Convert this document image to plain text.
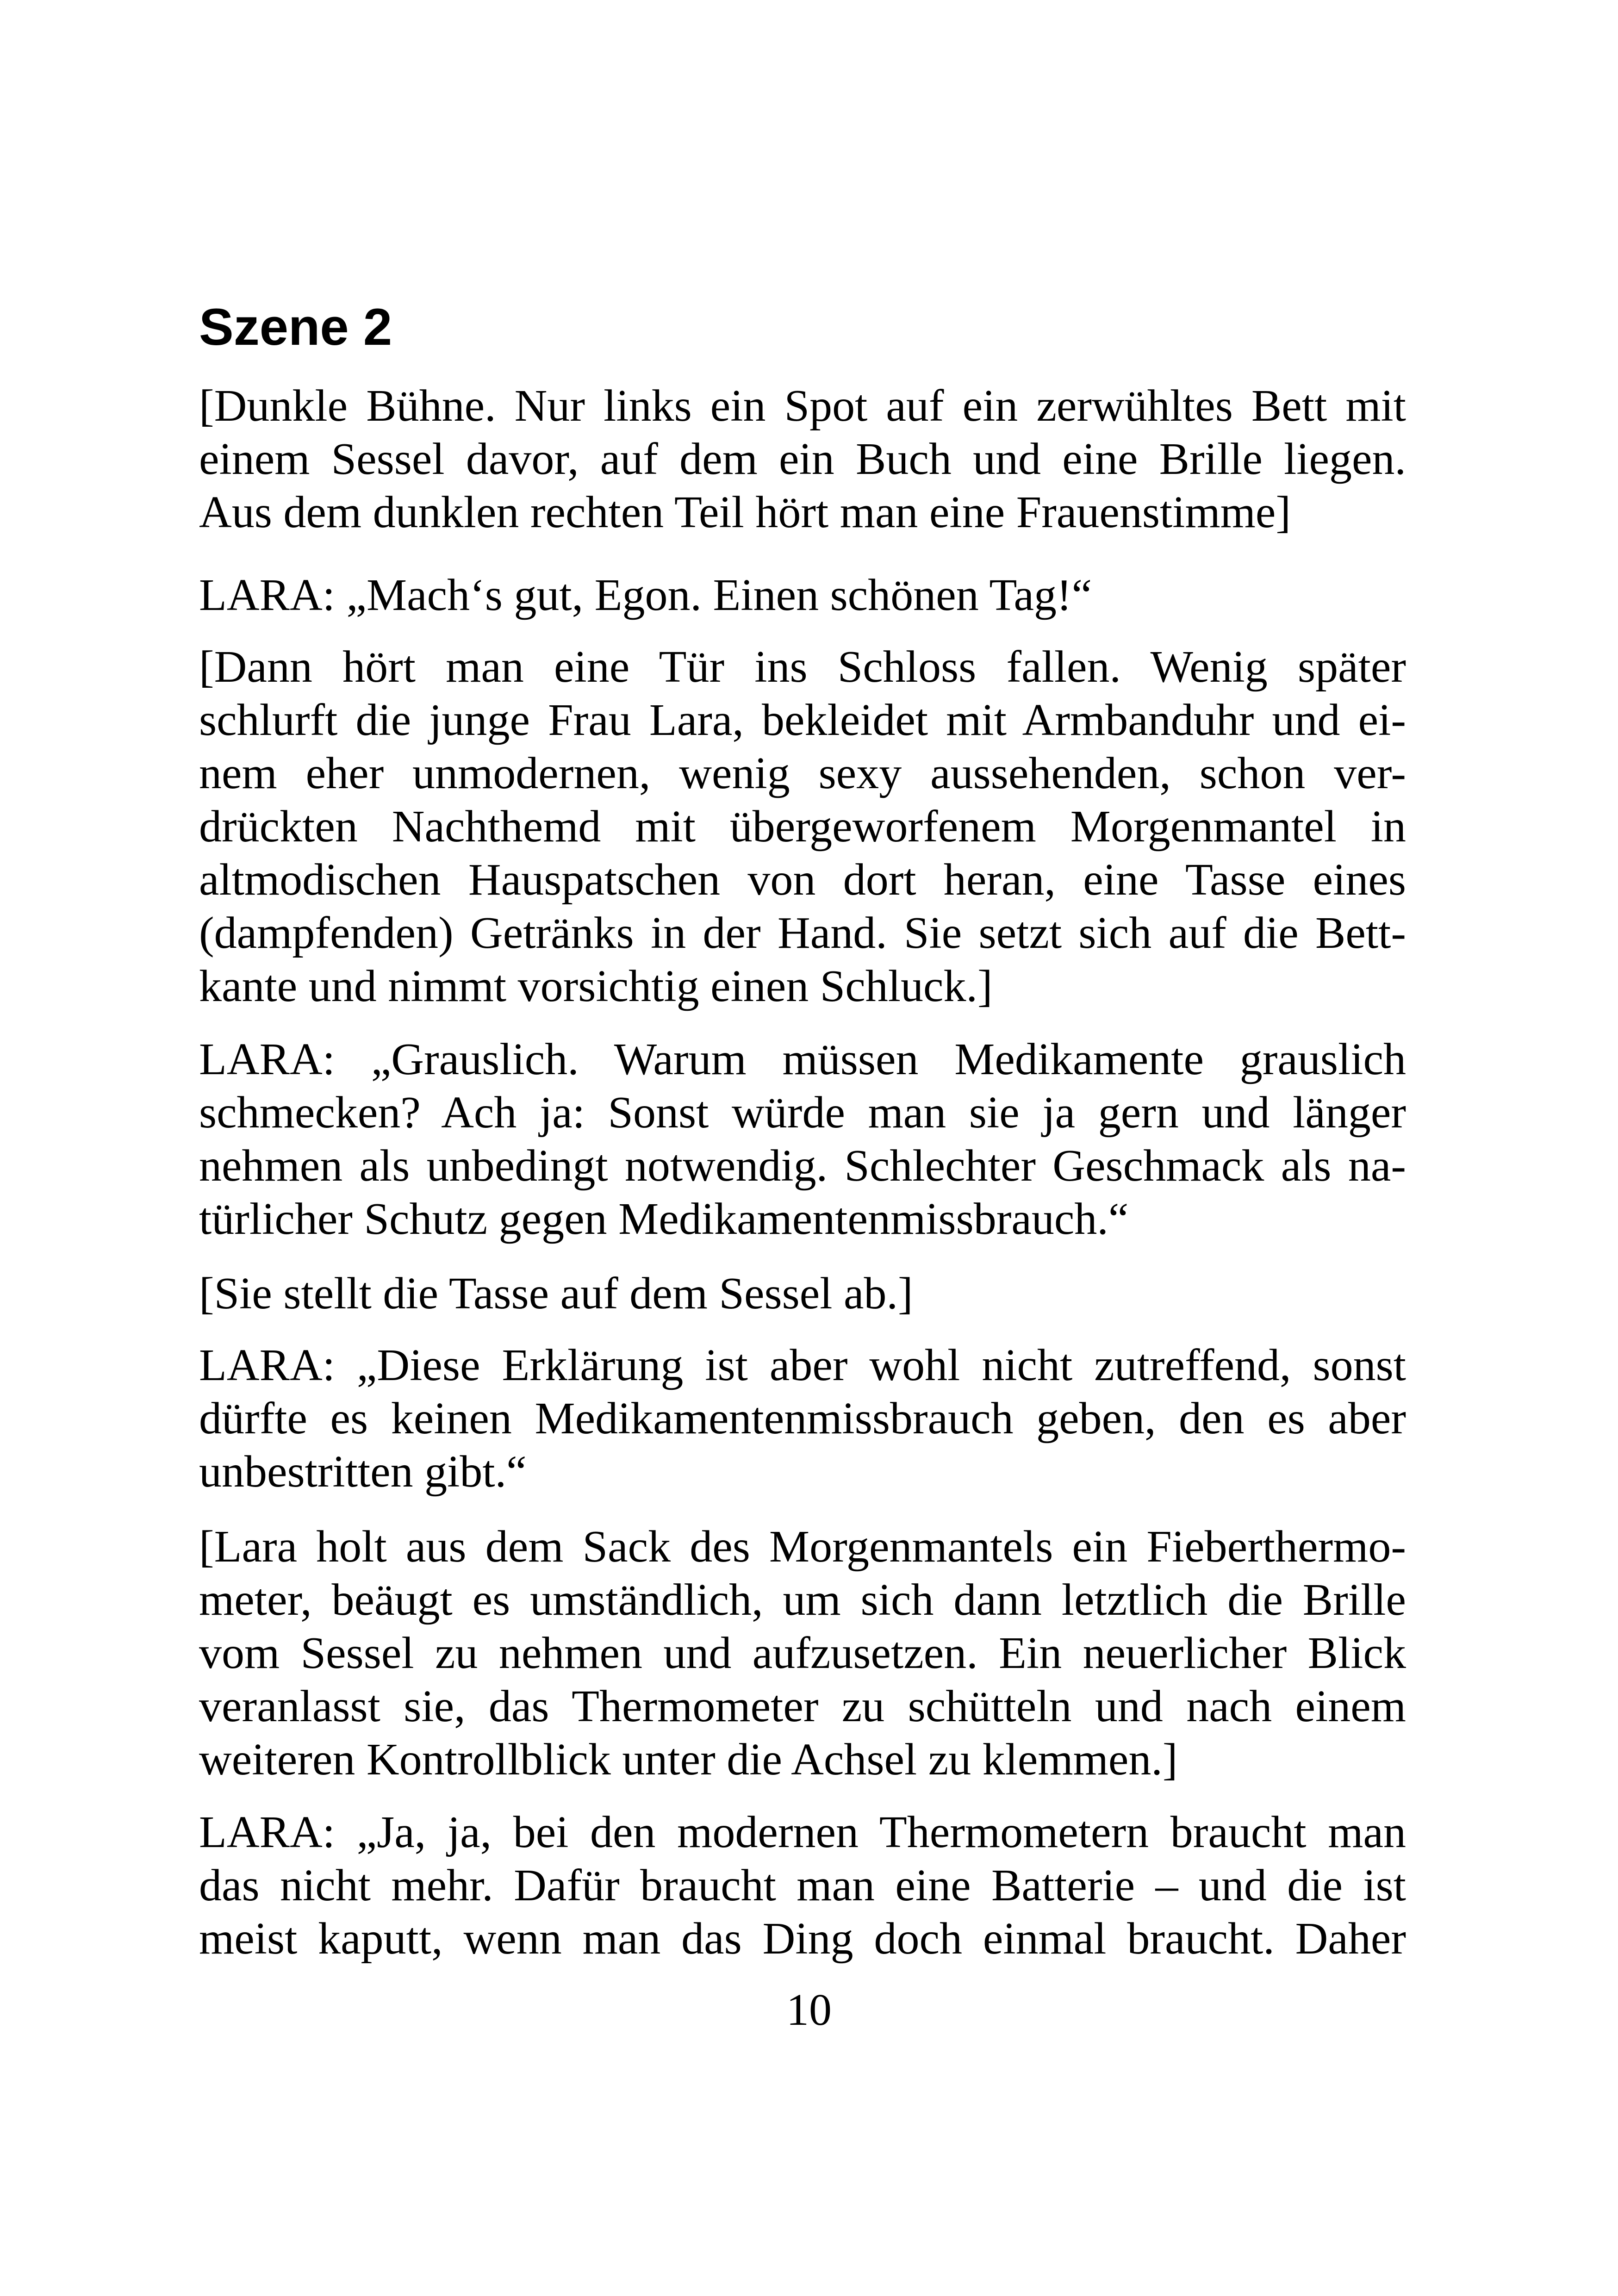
Szene 2
[Dunkle Bühne. Nur links ein Spot auf ein zerwühltes Bett mit
einem Sessel davor, auf dem ein Buch und eine Brille liegen.
Aus dem dunklen rechten Teil hört man eine Frauenstimme]
LARA: „Mach‘s gut, Egon. Einen schönen Tag!“
[Dann hört man eine Tür ins Schloss fallen. Wenig später
schlurft die junge Frau Lara, bekleidet mit Armbanduhr und ei-
nem eher unmodernen, wenig sexy aussehenden, schon ver-
drückten Nachthemd mit übergeworfenem Morgenmantel in
altmodischen Hauspatschen von dort heran, eine Tasse eines
(dampfenden) Getränks in der Hand. Sie setzt sich auf die Bett-
kante und nimmt vorsichtig einen Schluck.]
LARA: „Grauslich. Warum müssen Medikamente grauslich
schmecken? Ach ja: Sonst würde man sie ja gern und länger
nehmen als unbedingt notwendig. Schlechter Geschmack als na-
türlicher Schutz gegen Medikamentenmissbrauch.“
[Sie stellt die Tasse auf dem Sessel ab.]
LARA: „Diese Erklärung ist aber wohl nicht zutreffend, sonst
dürfte es keinen Medikamentenmissbrauch geben, den es aber
unbestritten gibt.“
[Lara holt aus dem Sack des Morgenmantels ein Fieberthermo-
meter, beäugt es umständlich, um sich dann letztlich die Brille
vom Sessel zu nehmen und aufzusetzen. Ein neuerlicher Blick
veranlasst sie, das Thermometer zu schütteln und nach einem
weiteren Kontrollblick unter die Achsel zu klemmen.]
LARA: „Ja, ja, bei den modernen Thermometern braucht man
das nicht mehr. Dafür braucht man eine Batterie – und die ist
meist kaputt, wenn man das Ding doch einmal braucht. Daher
10
